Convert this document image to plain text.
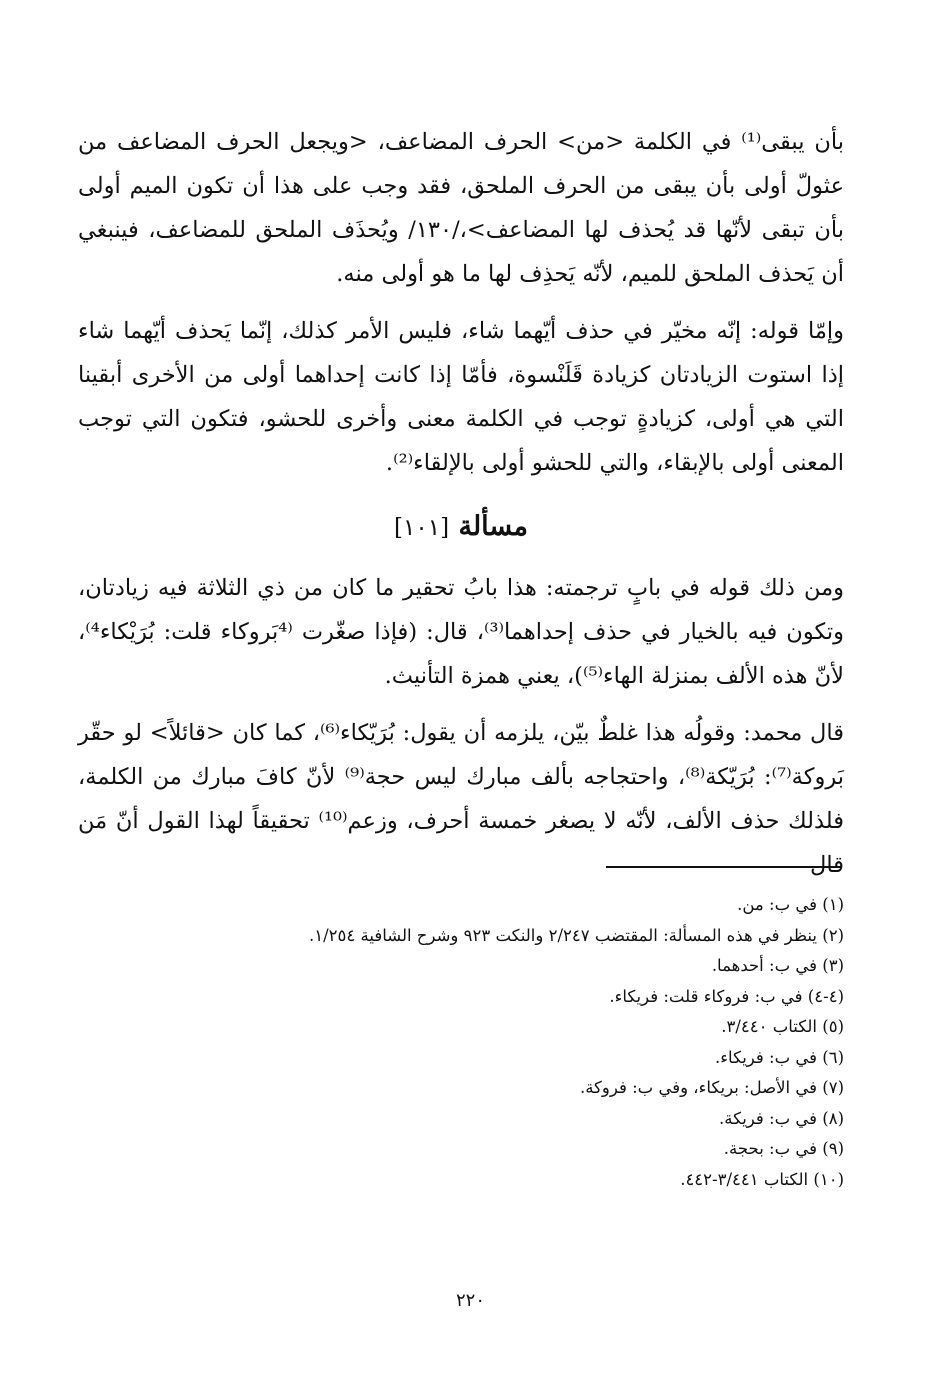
بأن يبقى⁽¹⁾ في الكلمة <من> الحرف المضاعف، <ويجعل الحرف المضاعف من عثولّ أولى بأن يبقى من الحرف الملحق، فقد وجب على هذا أن تكون الميم أولى بأن تبقى لأنّها قد يُحذف لها المضاعف>،/١٣٠/ ويُحذَف الملحق للمضاعف، فينبغي أن يَحذف الملحق للميم، لأنّه يَحذِف لها ما هو أولى منه.

وإمّا قوله: إنّه مخيّر في حذف أيّهما شاء، فليس الأمر كذلك، إنّما يَحذف أيّهما شاء إذا استوت الزيادتان كزيادة قَلَنْسوة، فأمّا إذا كانت إحداهما أولى من الأخرى أبقينا التي هي أولى، كزيادةٍ توجب في الكلمة معنى وأخرى للحشو، فتكون التي توجب المعنى أولى بالإبقاء، والتي للحشو أولى بالإلقاء⁽²⁾.

مسألة [١٠١]

ومن ذلك قوله في بابٍ ترجمته: هذا بابُ تحقير ما كان من ذي الثلاثة فيه زيادتان، وتكون فيه بالخيار في حذف إحداهما⁽³⁾، قال: (فإذا صغّرت ⁽⁴بَروكاء قلت: بُرَيْكاء⁴⁾، لأنّ هذه الألف بمنزلة الهاء⁽⁵⁾)، يعني همزة التأنيث.

قال محمد: وقولُه هذا غلطٌ بيّن، يلزمه أن يقول: بُرَيّكاء⁽⁶⁾، كما كان <قائلاً> لو حقّر بَروكة⁽⁷⁾: بُرَيّكة⁽⁸⁾، واحتجاجه بألف مبارك ليس حجة⁽⁹⁾ لأنّ كافَ مبارك من الكلمة، فلذلك حذف الألف، لأنّه لا يصغر خمسة أحرف، وزعم⁽¹⁰⁾ تحقيقاً لهذا القول أنّ مَن قال

(١) في ب: من.

(٢) ينظر في هذه المسألة: المقتضب ٢/٢٤٧ والنكت ٩٢٣ وشرح الشافية ١/٢٥٤.

(٣) في ب: أحدهما.

(٤-٤) في ب: فروكاء قلت: فريكاء.

(٥) الكتاب ٣/٤٤٠.

(٦) في ب: فريكاء.

(٧) في الأصل: بريكاء، وفي ب: فروكة.

(٨) في ب: فريكة.

(٩) في ب: بحجة.

(١٠) الكتاب ٣/٤٤١-٤٤٢.

٢٢٠
